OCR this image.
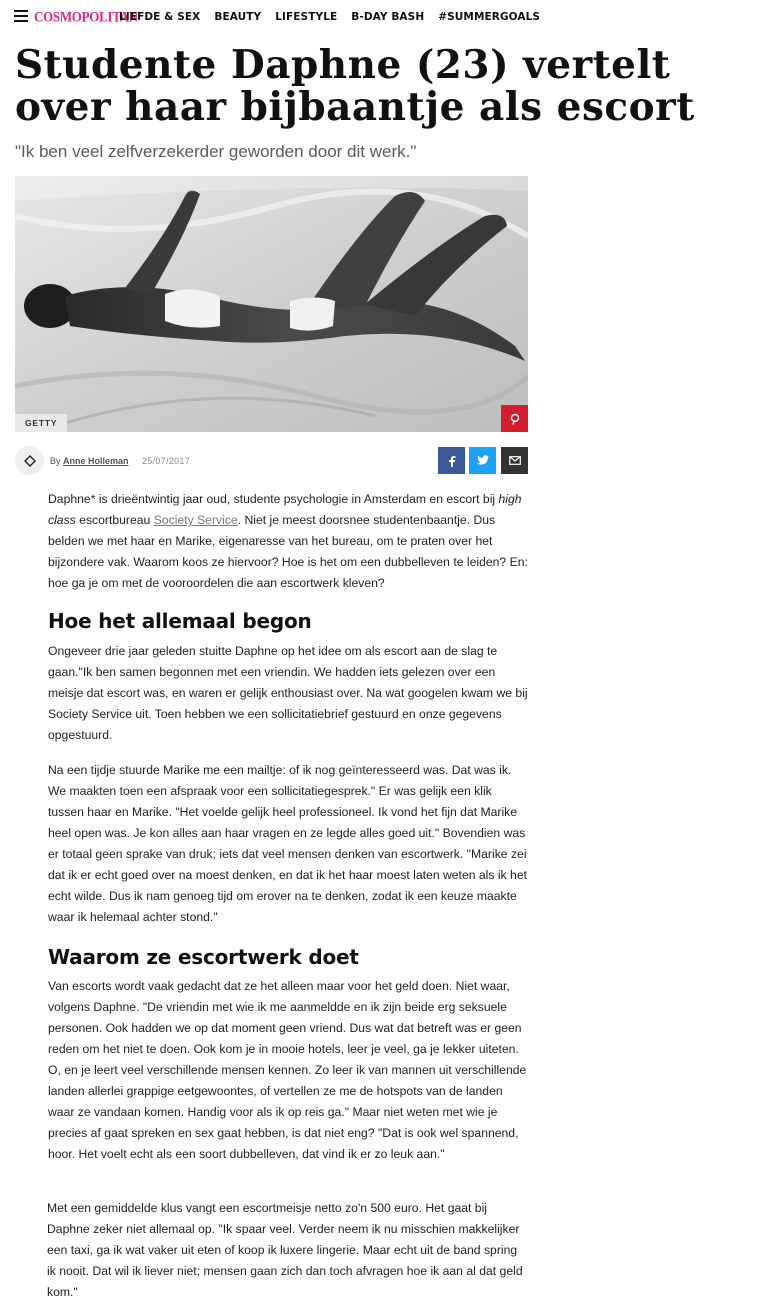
COSMOPOLITAN
LIEFDE & SEX BEAUTY LIFESTYLE B-DAY BASH #SUMMERGOALS
Studente Daphne (23) vertelt over haar bijbaantje als escort
"Ik ben veel zelfverzekerder geworden door dit werk."
GETTY
By Anne Holleman 25/07/2017

Daphne* is drieëntwintig jaar oud, studente psychologie in Amsterdam en escort bij high class escortbureau Society Service. Niet je meest doorsnee studentenbaantje. Dus belden we met haar en Marike, eigenaresse van het bureau, om te praten over het bijzondere vak. Waarom koos ze hiervoor? Hoe is het om een dubbelleven te leiden? En: hoe ga je om met de vooroordelen die aan escortwerk kleven?

Hoe het allemaal begon

Ongeveer drie jaar geleden stuitte Daphne op het idee om als escort aan de slag te gaan."Ik ben samen begonnen met een vriendin. We hadden iets gelezen over een meisje dat escort was, en waren er gelijk enthousiast over. Na wat googelen kwam we bij Society Service uit. Toen hebben we een sollicitatiebrief gestuurd en onze gegevens opgestuurd.

Na een tijdje stuurde Marike me een mailtje: of ik nog geïnteresseerd was. Dat was ik. We maakten toen een afspraak voor een sollicitatiegesprek." Er was gelijk een klik tussen haar en Marike. "Het voelde gelijk heel professioneel. Ik vond het fijn dat Marike heel open was. Je kon alles aan haar vragen en ze legde alles goed uit." Bovendien was er totaal geen sprake van druk; iets dat veel mensen denken van escortwerk. "Marike zei dat ik er echt goed over na moest denken, en dat ik het haar moest laten weten als ik het echt wilde. Dus ik nam genoeg tijd om erover na te denken, zodat ik een keuze maakte waar ik helemaal achter stond."

Waarom ze escortwerk doet

Van escorts wordt vaak gedacht dat ze het alleen maar voor het geld doen. Niet waar, volgens Daphne. "De vriendin met wie ik me aanmeldde en ik zijn beide erg seksuele personen. Ook hadden we op dat moment geen vriend. Dus wat dat betreft was er geen reden om het niet te doen. Ook kom je in mooie hotels, leer je veel, ga je lekker uiteten. O, en je leert veel verschillende mensen kennen. Zo leer ik van mannen uit verschillende landen allerlei grappige eetgewoontes, of vertellen ze me de hotspots van de landen waar ze vandaan komen. Handig voor als ik op reis ga." Maar niet weten met wie je precies af gaat spreken en sex gaat hebben, is dat niet eng? "Dat is ook wel spannend, hoor. Het voelt echt als een soort dubbelleven, dat vind ik er zo leuk aan."

Met een gemiddelde klus vangt een escortmeisje netto zo'n 500 euro. Het gaat bij Daphne zeker niet allemaal op. "Ik spaar veel. Verder neem ik nu misschien makkelijker een taxi, ga ik wat vaker uit eten of koop ik luxere lingerie. Maar echt uit de band spring ik nooit. Dat wil ik liever niet; mensen gaan zich dan toch afvragen hoe ik aan al dat geld kom."
